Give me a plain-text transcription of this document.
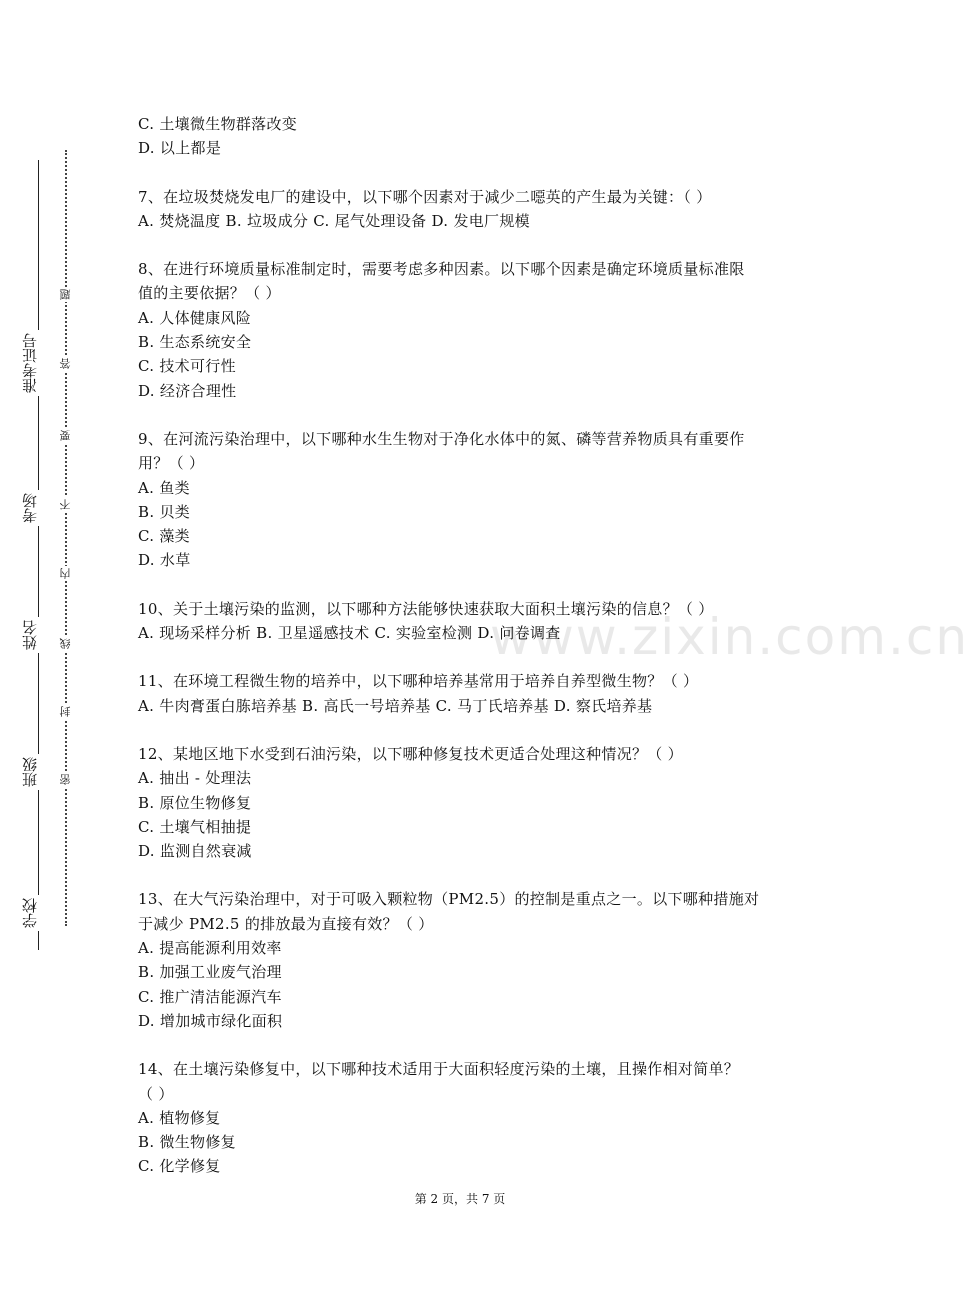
学校
班级
姓名
考场
准考证号
密
封
线
内
不
要
答
题
www.zixin.com.cn
C. 土壤微生物群落改变
D. 以上都是
7、在垃圾焚烧发电厂的建设中，以下哪个因素对于减少二噁英的产生最为关键：（ ）
A. 焚烧温度 B. 垃圾成分 C. 尾气处理设备 D. 发电厂规模
8、在进行环境质量标准制定时，需要考虑多种因素。以下哪个因素是确定环境质量标准限
值的主要依据？（ ）
A. 人体健康风险
B. 生态系统安全
C. 技术可行性
D. 经济合理性
9、在河流污染治理中，以下哪种水生生物对于净化水体中的氮、磷等营养物质具有重要作
用？（ ）
A. 鱼类
B. 贝类
C. 藻类
D. 水草
10、关于土壤污染的监测，以下哪种方法能够快速获取大面积土壤污染的信息？（ ）
A. 现场采样分析 B. 卫星遥感技术 C. 实验室检测 D. 问卷调查
11、在环境工程微生物的培养中，以下哪种培养基常用于培养自养型微生物？（ ）
A. 牛肉膏蛋白胨培养基 B. 高氏一号培养基 C. 马丁氏培养基 D. 察氏培养基
12、某地区地下水受到石油污染，以下哪种修复技术更适合处理这种情况？（ ）
A. 抽出 - 处理法
B. 原位生物修复
C. 土壤气相抽提
D. 监测自然衰减
13、在大气污染治理中，对于可吸入颗粒物（PM2.5）的控制是重点之一。以下哪种措施对
于减少 PM2.5 的排放最为直接有效？（ ）
A. 提高能源利用效率
B. 加强工业废气治理
C. 推广清洁能源汽车
D. 增加城市绿化面积
14、在土壤污染修复中，以下哪种技术适用于大面积轻度污染的土壤，且操作相对简单？
（ ）
A. 植物修复
B. 微生物修复
C. 化学修复
第 2 页，共 7 页
